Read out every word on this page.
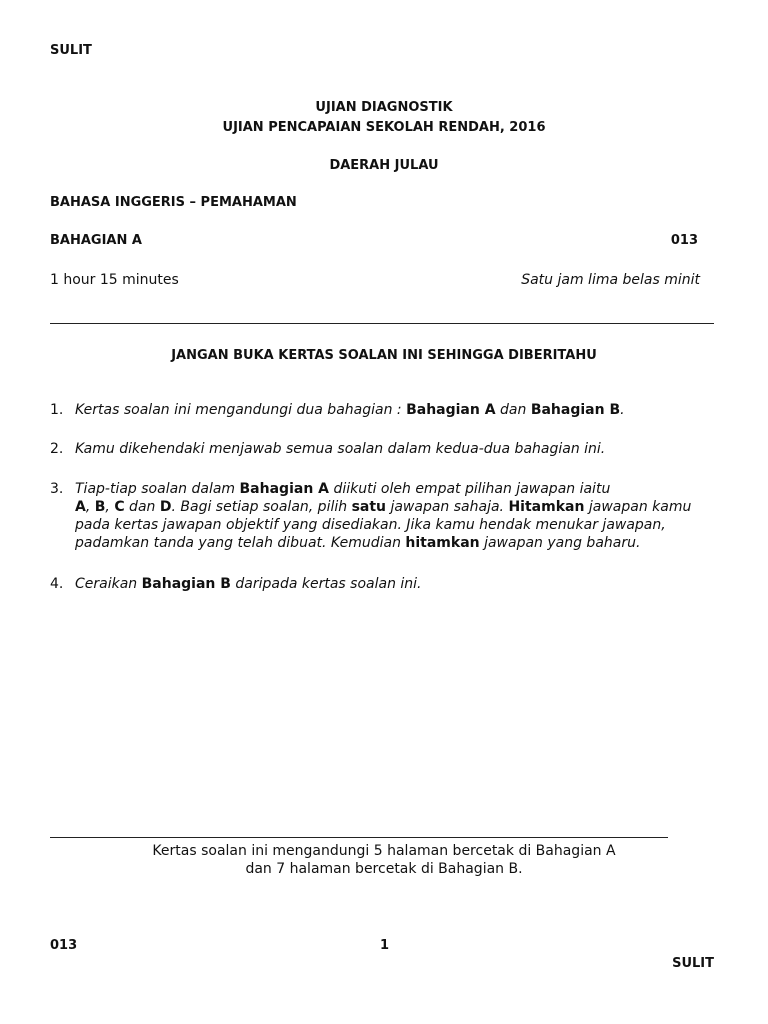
SULIT
UJIAN DIAGNOSTIK
UJIAN PENCAPAIAN SEKOLAH RENDAH, 2016
DAERAH JULAU
BAHASA INGGERIS – PEMAHAMAN
BAHAGIAN A	013
1 hour 15 minutes	Satu jam lima belas minit
JANGAN BUKA KERTAS SOALAN INI SEHINGGA DIBERITAHU
1. Kertas soalan ini mengandungi dua bahagian : Bahagian A dan Bahagian B.
2. Kamu dikehendaki menjawab semua soalan dalam kedua-dua bahagian ini.
3. Tiap-tiap soalan dalam Bahagian A diikuti oleh empat pilihan jawapan iaitu
A, B, C dan D. Bagi setiap soalan, pilih satu jawapan sahaja. Hitamkan jawapan kamu
pada kertas jawapan objektif yang disediakan. Jika kamu hendak menukar jawapan,
padamkan tanda yang telah dibuat. Kemudian hitamkan jawapan yang baharu.
4. Ceraikan Bahagian B daripada kertas soalan ini.
Kertas soalan ini mengandungi 5 halaman bercetak di Bahagian A
dan 7 halaman bercetak di Bahagian B.
013	1
SULIT
